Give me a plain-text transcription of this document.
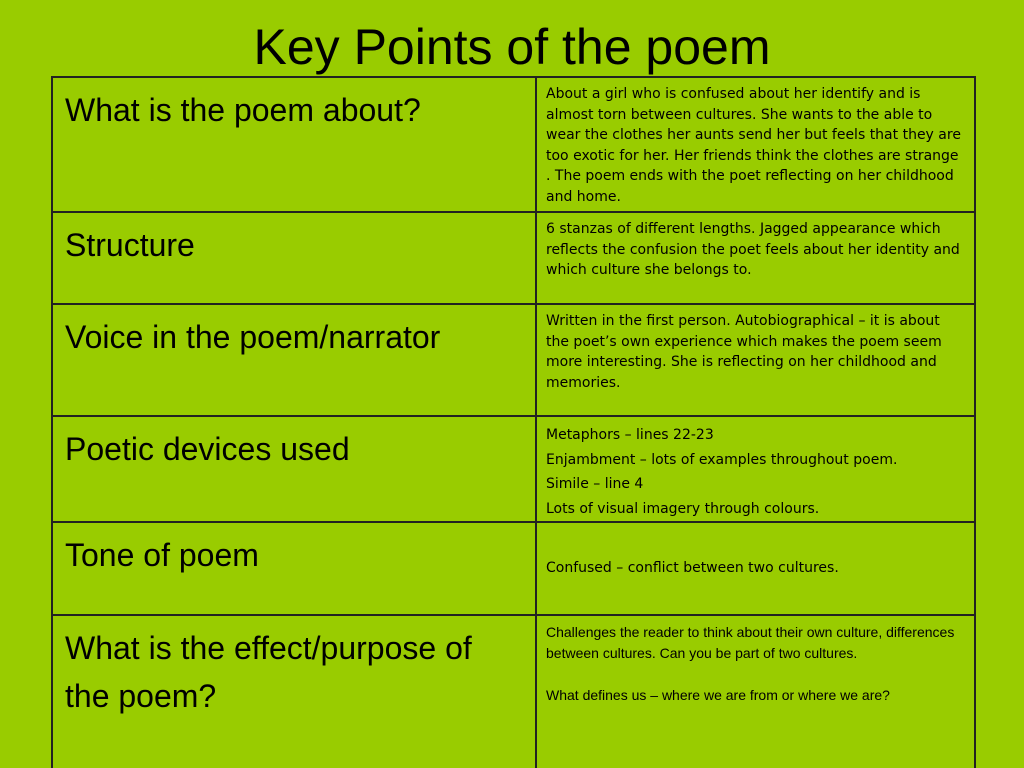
Key Points of the poem
What is the poem about?	About a girl who is confused about her identify and is almost torn between cultures. She wants to the able to wear the clothes her aunts send her but feels that they are too exotic for her. Her friends think the clothes are strange . The poem ends with the poet reflecting on her childhood and home.
Structure	6 stanzas of different lengths. Jagged appearance which reflects the confusion the poet feels about her identity and which culture she belongs to.
Voice in the poem/narrator	Written in the first person. Autobiographical – it is about the poet’s own experience which makes the poem seem more interesting. She is reflecting on her childhood and memories.
Poetic devices used	Metaphors – lines 22-23
Enjambment – lots of examples throughout poem.
Simile – line 4
Lots of visual imagery through colours.

Tone of poem	Confused – conflict between two cultures.
What is the effect/purpose of the poem?	Challenges the reader to think about their own culture, differences between cultures. Can you be part of two cultures.
What defines us – where we are from or where we are?
